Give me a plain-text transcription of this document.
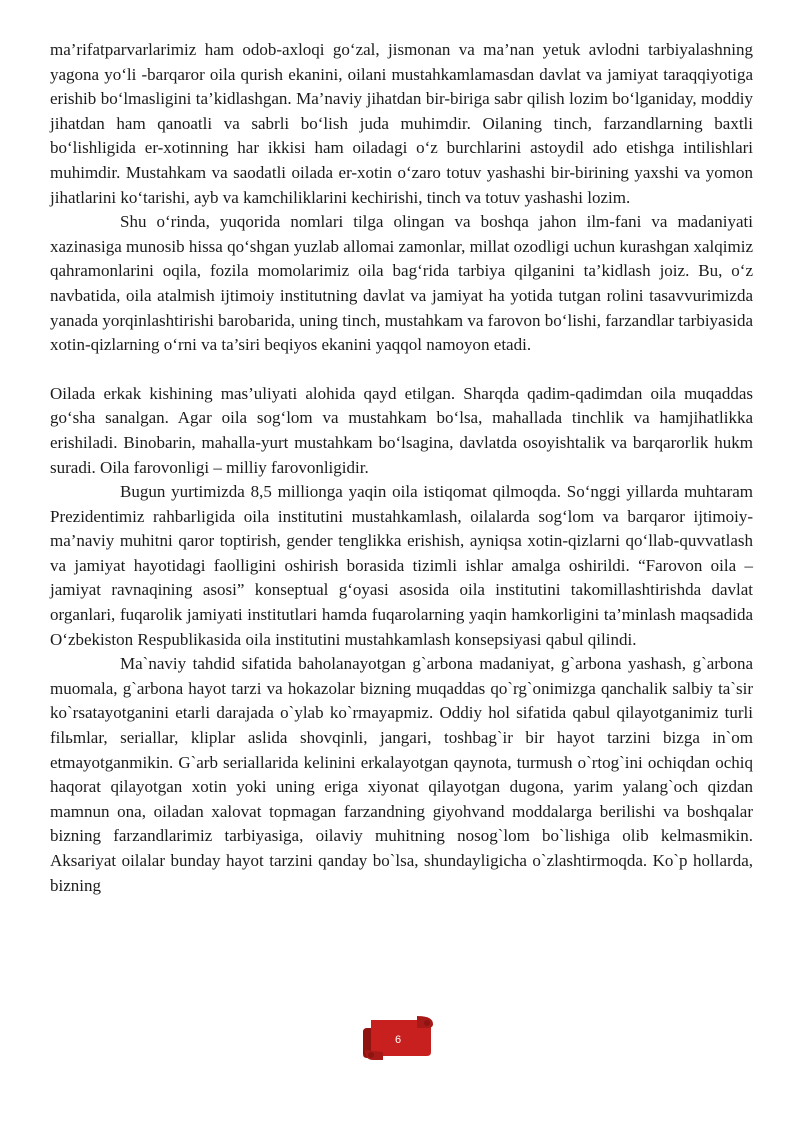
ma’rifatparvarlarimiz ham odob-axloqi go‘zal, jismonan va ma’nan yetuk avlodni tarbiyalashning yagona yo‘li -barqaror oila qurish ekanini, oilani mustahkamlamasdan davlat va jamiyat taraqqiyotiga erishib bo‘lmasligini ta’kidlashgan. Ma’naviy jihatdan bir-biriga sabr qilish lozim bo‘lganiday, moddiy jihatdan ham qanoatli va sabrli bo‘lish juda muhimdir. Oilaning tinch, farzandlarning baxtli bo‘lishligida er-xotinning har ikkisi ham oiladagi o‘z burchlarini astoydil ado etishga intilishlari muhimdir. Mustahkam va saodatli oilada er-xotin o‘zaro totuv yashashi bir-birining yaxshi va yomon jihatlarini ko‘tarishi, ayb va kamchiliklarini kechirishi, tinch va totuv yashashi lozim.

Shu o‘rinda, yuqorida nomlari tilga olingan va boshqa jahon ilm-fani va madaniyati xazinasiga munosib hissa qo‘shgan yuzlab allomai zamonlar, millat ozodligi uchun kurashgan xalqimiz qahramonlarini oqila, fozila momolarimiz oila bag‘rida tarbiya qilganini ta’kidlash joiz. Bu, o‘z navbatida, oila atalmish ijtimoiy institutning davlat va jamiyat ha yotida tutgan rolini tasavvurimizda yanada yorqinlashtirishi barobarida, uning tinch, mustahkam va farovon bo‘lishi, farzandlar tarbiyasida xotin-qizlarning o‘rni va ta’siri beqiyos ekanini yaqqol namoyon etadi.

Oilada erkak kishining mas’uliyati alohida qayd etilgan. Sharqda qadim-qadimdan oila muqaddas go‘sha sanalgan. Agar oila sog‘lom va mustahkam bo‘lsa, mahallada tinchlik va hamjihatlikka erishiladi. Binobarin, mahalla-yurt mustahkam bo‘lsagina, davlatda osoyishtalik va barqarorlik hukm suradi. Oila farovonligi – milliy farovonligidir.

Bugun yurtimizda 8,5 millionga yaqin oila istiqomat qilmoqda. So‘nggi yillarda muhtaram Prezidentimiz rahbarligida oila institutini mustahkamlash, oilalarda sog‘lom va barqaror ijtimoiy-ma’naviy muhitni qaror toptirish, gender tenglikka erishish, ayniqsa xotin-qizlarni qo‘llab-quvvatlash va jamiyat hayotidagi faolligini oshirish borasida tizimli ishlar amalga oshirildi. “Farovon oila – jamiyat ravnaqining asosi” konseptual g‘oyasi asosida oila institutini takomillashtirishda davlat organlari, fuqarolik jamiyati institutlari hamda fuqarolarning yaqin hamkorligini ta’minlash maqsadida O‘zbekiston Respublikasida oila institutini mustahkamlash konsepsiyasi qabul qilindi.

Ma`naviy tahdid sifatida baholanayotgan g`arbona madaniyat, g`arbona yashash, g`arbona muomala, g`arbona hayot tarzi va hokazolar bizning muqaddas qo`rg`onimizga qanchalik salbiy ta`sir ko`rsatayotganini etarli darajada o`ylab ko`rmayapmiz. Oddiy hol sifatida qabul qilayotganimiz turli filьmlar, seriallar, kliplar aslida shovqinli, jangari, toshbag`ir bir hayot tarzini bizga in`om etmayotganmikin. G`arb seriallarida kelinini erkalayotgan qaynota, turmush o`rtog`ini ochiqdan ochiq haqorat qilayotgan xotin yoki uning eriga xiyonat qilayotgan dugona, yarim yalang`och qizdan mamnun ona, oiladan xalovat topmagan farzandning giyohvand moddalarga berilishi va boshqalar bizning farzandlarimiz tarbiyasiga, oilaviy muhitning nosog`lom bo`lishiga olib kelmasmikin. Aksariyat oilalar bunday hayot tarzini qanday bo`lsa, shundayligicha o`zlashtirmoqda. Ko`p hollarda, bizning

6
